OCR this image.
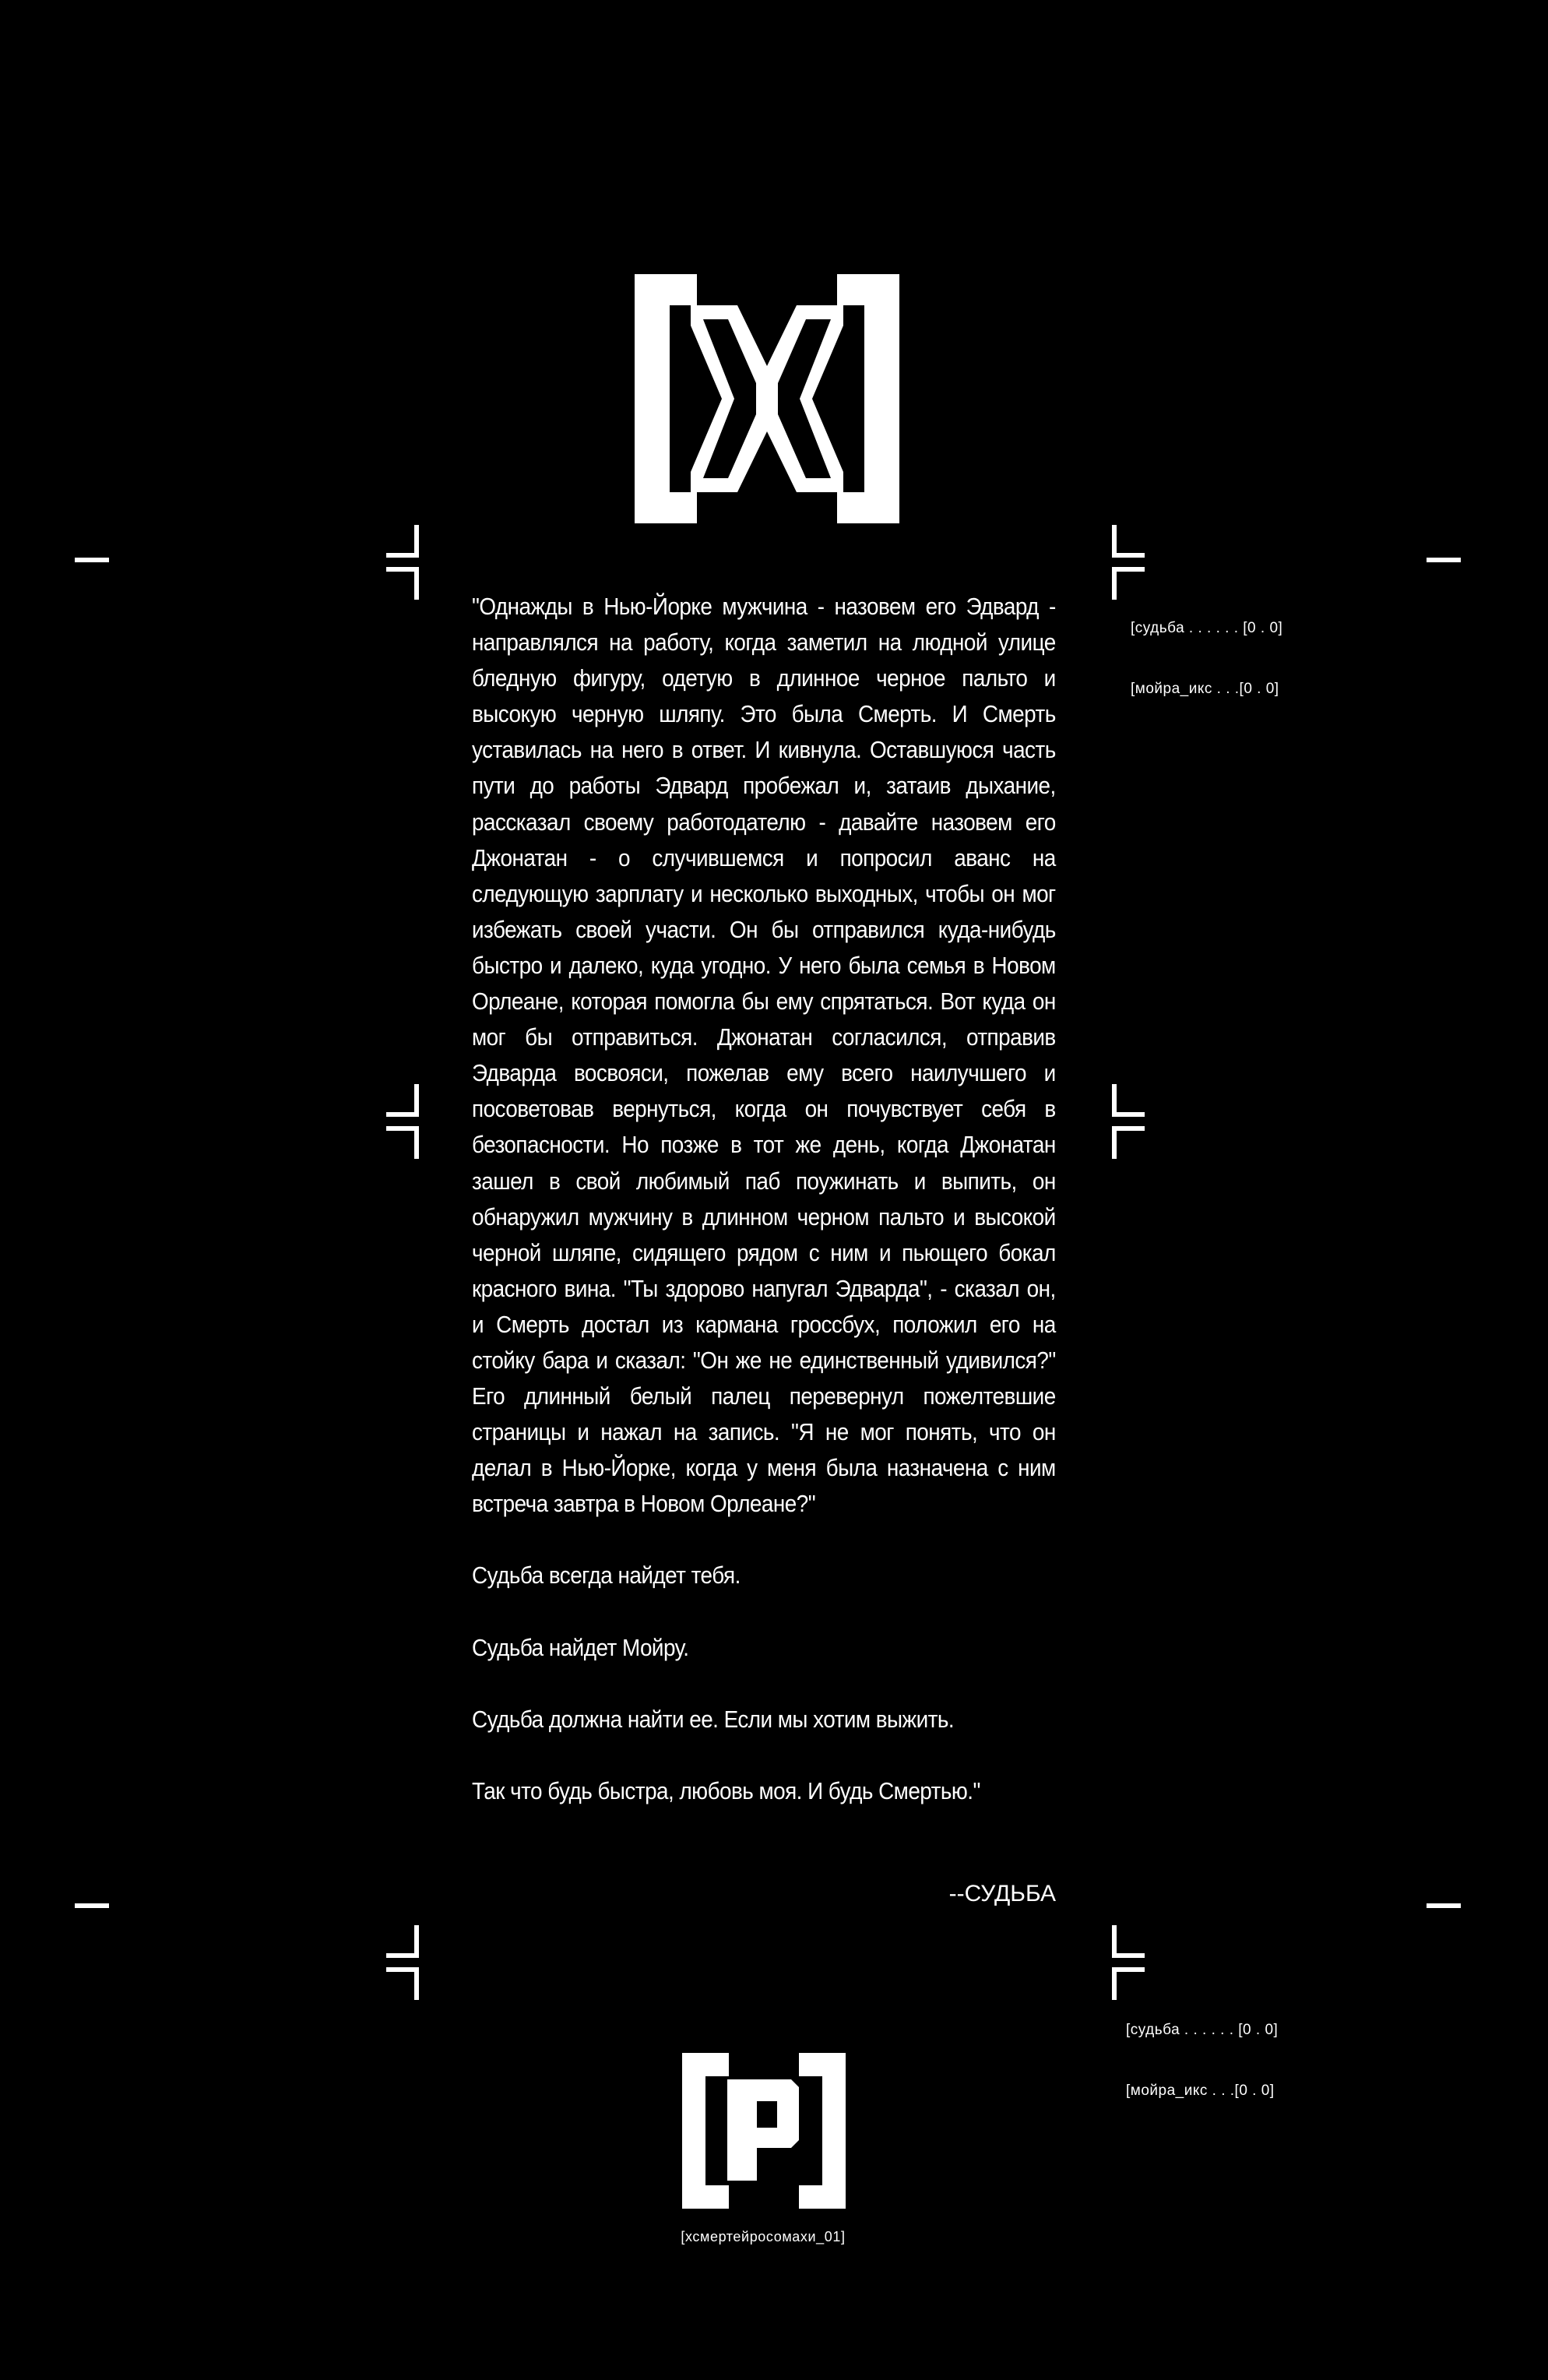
[судьба . . . . . . [0 . 0]

[мойра_икс . . .[0 . 0]

[судьба . . . . . . [0 . 0]

[мойра_икс . . .[0 . 0]

"Однажды в Нью-Йорке мужчина - назовем его Эдвард - направлялся на работу, когда заметил на людной улице бледную фигуру, одетую в длинное черное пальто и высокую черную шляпу. Это была Смерть. И Смерть уставилась на него в ответ. И кивнула. Оставшуюся часть пути до работы Эдвард пробежал и, затаив дыхание, рассказал своему работодателю - давайте назовем его Джонатан - о случившемся и попросил аванс на следующую зарплату и несколько выходных, чтобы он мог избежать своей участи. Он бы отправился куда-нибудь быстро и далеко, куда угодно. У него была семья в Новом Орлеане, которая помогла бы ему спрятаться. Вот куда он мог бы отправиться. Джонатан согласился, отправив Эдварда восвояси, пожелав ему всего наилучшего и посоветовав вернуться, когда он почувствует себя в безопасности. Но позже в тот же день, когда Джонатан зашел в свой любимый паб поужинать и выпить, он обнаружил мужчину в длинном черном пальто и высокой черной шляпе, сидящего рядом с ним и пьющего бокал красного вина. "Ты здорово напугал Эдварда", - сказал он, и Смерть достал из кармана гроссбух, положил его на стойку бара и сказал: "Он же не единственный удивился?" Его длинный белый палец перевернул пожелтевшие страницы и нажал на запись. "Я не мог понять, что он делал в Нью-Йорке, когда у меня была назначена с ним встреча завтра в Новом Орлеане?"

Судьба всегда найдет тебя.

Судьба найдет Мойру.

Судьба должна найти ее. Если мы хотим выжить.

Так что будь быстра, любовь моя. И будь Смертью."

--СУДЬБА
[хсмертейросомахи_01]
